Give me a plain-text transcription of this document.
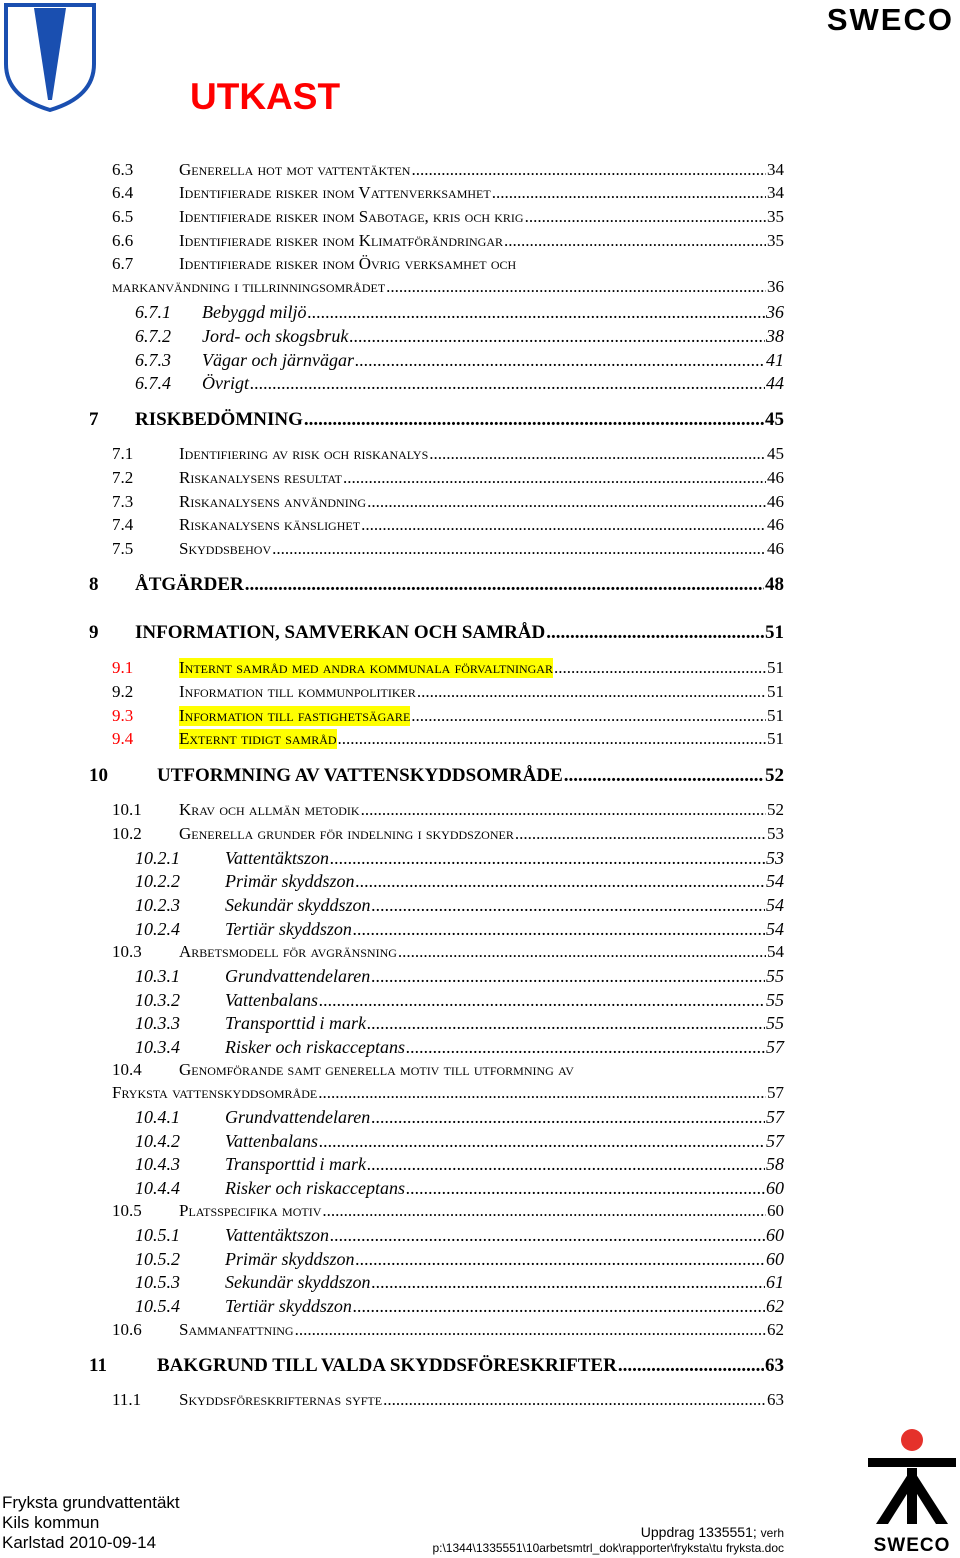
SWECO
UTKAST
6.3	Generella hot mot vattentäkten .....	34
6.4	Identifierade risker inom Vattenverksamhet .....	34
6.5	Identifierade risker inom Sabotage, kris och krig .....	35
6.6	Identifierade risker inom Klimatförändringar .....	35
6.7	Identifierade risker inom Övrig verksamhet och
markanvändning i tillrinningsområdet .....	36
6.7.1	Bebyggd miljö .....	36
6.7.2	Jord- och skogsbruk .....	38
6.7.3	Vägar och järnvägar .....	41
6.7.4	Övrigt .....	44
7	RISKBEDÖMNING .....	45
7.1	Identifiering av risk och riskanalys .....	45
7.2	Riskanalysens resultat .....	46
7.3	Riskanalysens användning .....	46
7.4	Riskanalysens känslighet .....	46
7.5	Skyddsbehov .....	46
8	ÅTGÄRDER .....	48
9	INFORMATION, SAMVERKAN OCH SAMRÅD .....	51
9.1	Internt samråd med andra kommunala förvaltningar .....	51
9.2	Information till kommunpolitiker .....	51
9.3	Information till fastighetsägare .....	51
9.4	Externt tidigt samråd .....	51
10	UTFORMNING AV VATTENSKYDDSOMRÅDE .....	52
10.1	Krav och allmän metodik .....	52
10.2	Generella grunder för indelning i skyddszoner .....	53
10.2.1	Vattentäktszon .....	53
10.2.2	Primär skyddszon .....	54
10.2.3	Sekundär skyddszon .....	54
10.2.4	Tertiär skyddszon .....	54
10.3	Arbetsmodell för avgränsning .....	54
10.3.1	Grundvattendelaren .....	55
10.3.2	Vattenbalans .....	55
10.3.3	Transporttid i mark .....	55
10.3.4	Risker och riskacceptans .....	57
10.4	Genomförande samt generella motiv till utformning av
Fryksta vattenskyddsområde .....	57
10.4.1	Grundvattendelaren .....	57
10.4.2	Vattenbalans .....	57
10.4.3	Transporttid i mark .....	58
10.4.4	Risker och riskacceptans .....	60
10.5	Platsspecifika motiv .....	60
10.5.1	Vattentäktszon .....	60
10.5.2	Primär skyddszon .....	60
10.5.3	Sekundär skyddszon .....	61
10.5.4	Tertiär skyddszon .....	62
10.6	Sammanfattning .....	62
11	BAKGRUND TILL VALDA SKYDDSFÖRESKRIFTER .....	63
11.1	Skyddsföreskrifternas syfte .....	63
Fryksta grundvattentäkt
Kils kommun
Karlstad 2010-09-14
Uppdrag 1335551; verh
p:\1344\1335551\10arbetsmtrl_dok\rapporter\fryksta\tu fryksta.doc	SWECO
